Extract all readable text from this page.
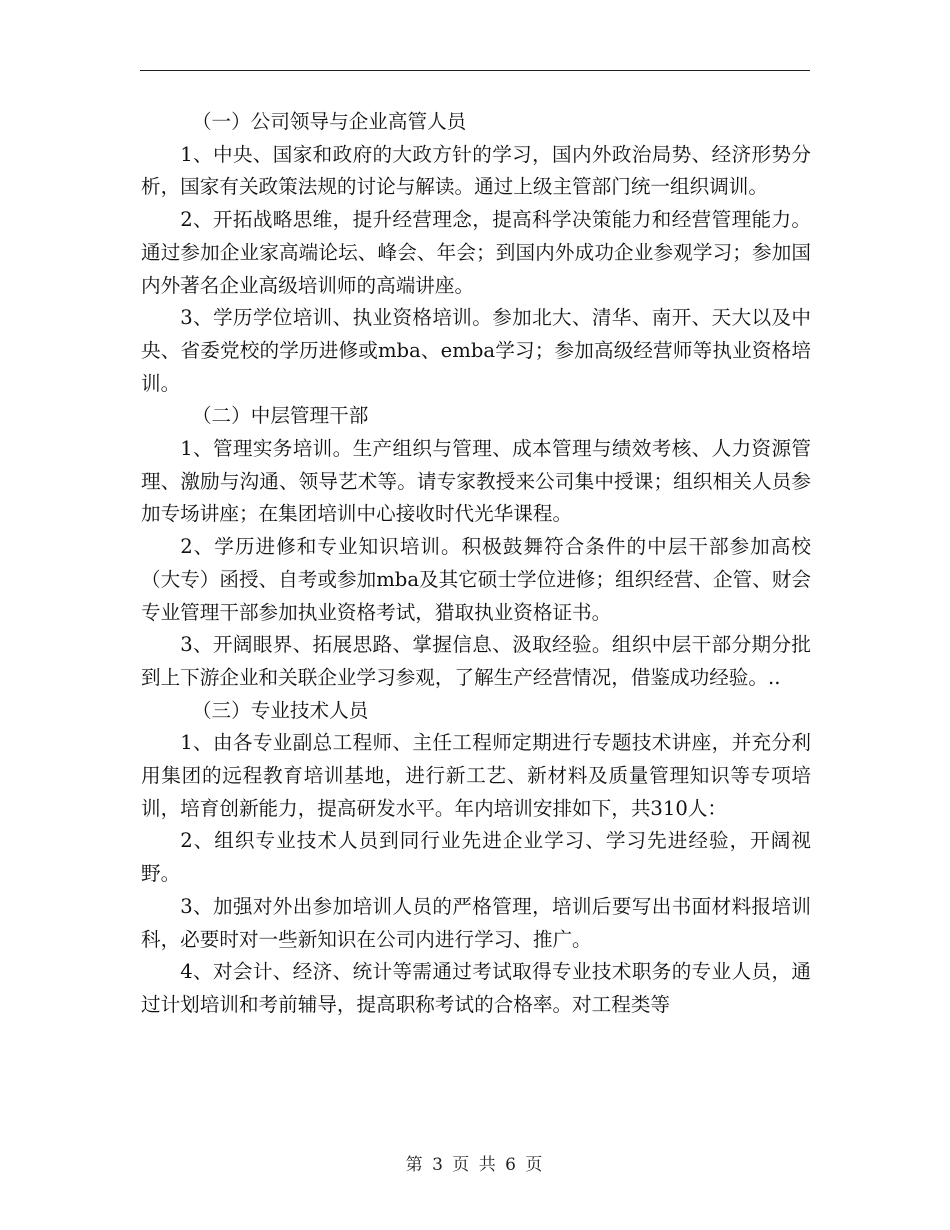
（一）公司领导与企业高管人员

1、中央、国家和政府的大政方针的学习，国内外政治局势、经济形势分析，国家有关政策法规的讨论与解读。通过上级主管部门统一组织调训。

2、开拓战略思维，提升经营理念，提高科学决策能力和经营管理能力。通过参加企业家高端论坛、峰会、年会；到国内外成功企业参观学习；参加国内外著名企业高级培训师的高端讲座。

3、学历学位培训、执业资格培训。参加北大、清华、南开、天大以及中央、省委党校的学历进修或mba、emba学习；参加高级经营师等执业资格培训。

（二）中层管理干部

1、管理实务培训。生产组织与管理、成本管理与绩效考核、人力资源管理、激励与沟通、领导艺术等。请专家教授来公司集中授课；组织相关人员参加专场讲座；在集团培训中心接收时代光华课程。

2、学历进修和专业知识培训。积极鼓舞符合条件的中层干部参加高校（大专）函授、自考或参加mba及其它硕士学位进修；组织经营、企管、财会专业管理干部参加执业资格考试，猎取执业资格证书。

3、开阔眼界、拓展思路、掌握信息、汲取经验。组织中层干部分期分批到上下游企业和关联企业学习参观，了解生产经营情况，借鉴成功经验。..

（三）专业技术人员

1、由各专业副总工程师、主任工程师定期进行专题技术讲座，并充分利用集团的远程教育培训基地，进行新工艺、新材料及质量管理知识等专项培训，培育创新能力，提高研发水平。年内培训安排如下，共310人：

2、组织专业技术人员到同行业先进企业学习、学习先进经验，开阔视野。

3、加强对外出参加培训人员的严格管理，培训后要写出书面材料报培训科，必要时对一些新知识在公司内进行学习、推广。

4、对会计、经济、统计等需通过考试取得专业技术职务的专业人员，通过计划培训和考前辅导，提高职称考试的合格率。对工程类等

第 3 页 共 6 页
